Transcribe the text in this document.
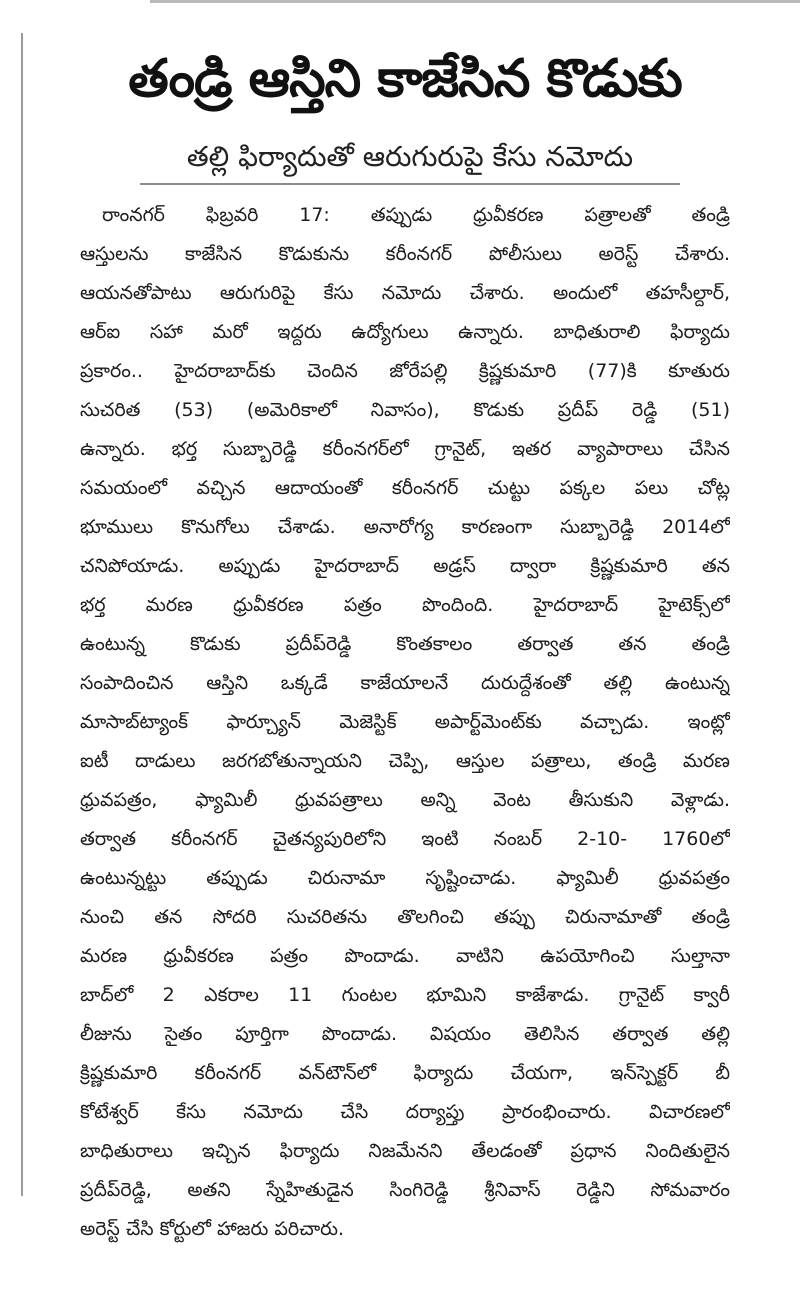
తండ్రి ఆస్తిని కాజేసిన కొడుకు
తల్లి ఫిర్యాదుతో ఆరుగురుపై కేసు నమోదు
రాంనగర్ ఫిబ్రవరి 17: తప్పుడు ధ్రువీకరణ పత్రాలతో తండ్రి
ఆస్తులను కాజేసిన కొడుకును కరీంనగర్ పోలీసులు అరెస్ట్ చేశారు.
ఆయనతోపాటు ఆరుగురిపై కేసు నమోదు చేశారు. అందులో తహసీల్దార్,
ఆర్ఐ సహా మరో ఇద్దరు ఉద్యోగులు ఉన్నారు. బాధితురాలి ఫిర్యాదు
ప్రకారం.. హైదరాబాద్‌కు చెందిన జోరేపల్లి క్రిష్ణకుమారి (77)కి కూతురు
సుచరిత (53) (అమెరికాలో నివాసం), కొడుకు ప్రదీప్ రెడ్డి (51)
ఉన్నారు. భర్త సుబ్బారెడ్డి కరీంనగర్‌లో గ్రానైట్, ఇతర వ్యాపారాలు చేసిన
సమయంలో వచ్చిన ఆదాయంతో కరీంనగర్ చుట్టు పక్కల పలు చోట్ల
భూములు కొనుగోలు చేశాడు. అనారోగ్య కారణంగా సుబ్బారెడ్డి 2014లో
చనిపోయాడు. అప్పుడు హైదరాబాద్ అడ్రస్ ద్వారా క్రిష్ణకుమారి తన
భర్త మరణ ధ్రువీకరణ పత్రం పొందింది. హైదరాబాద్ హైటెక్స్‌లో
ఉంటున్న కొడుకు ప్రదీప్‌రెడ్డి కొంతకాలం తర్వాత తన తండ్రి
సంపాదించిన ఆస్తిని ఒక్కడే కాజేయాలనే దురుద్దేశంతో తల్లి ఉంటున్న
మాసాబ్‌ట్యాంక్ ఫార్చ్యూన్ మెజెస్టిక్ అపార్ట్‌మెంట్‌కు వచ్చాడు. ఇంట్లో
ఐటీ దాడులు జరగబోతున్నాయని చెప్పి, ఆస్తుల పత్రాలు, తండ్రి మరణ
ధ్రువపత్రం, ఫ్యామిలీ ధ్రువపత్రాలు అన్ని వెంట తీసుకుని వెళ్లాడు.
తర్వాత కరీంనగర్ చైతన్యపురిలోని ఇంటి నంబర్ 2-10- 1760లో
ఉంటున్నట్టు తప్పుడు చిరునామా సృష్టించాడు. ఫ్యామిలీ ధ్రువపత్రం
నుంచి తన సోదరి సుచరితను తొలగించి తప్పు చిరునామాతో తండ్రి
మరణ ధ్రువీకరణ పత్రం పొందాడు. వాటిని ఉపయోగించి సుల్తానా
బాద్‌లో 2 ఎకరాల 11 గుంటల భూమిని కాజేశాడు. గ్రానైట్ క్వారీ
లీజును సైతం పూర్తిగా పొందాడు. విషయం తెలిసిన తర్వాత తల్లి
క్రిష్ణకుమారి కరీంనగర్ వన్‌టౌన్‌లో ఫిర్యాదు చేయగా, ఇన్‌స్పెక్టర్ బీ
కోటేశ్వర్ కేసు నమోదు చేసి దర్యాప్తు ప్రారంభించారు. విచారణలో
బాధితురాలు ఇచ్చిన ఫిర్యాదు నిజమేనని తేలడంతో ప్రధాన నిందితులైన
ప్రదీప్‌రెడ్డి, అతని స్నేహితుడైన సింగిరెడ్డి శ్రీనివాస్ రెడ్డిని సోమవారం
అరెస్ట్ చేసి కోర్టులో హాజరు పరిచారు.
